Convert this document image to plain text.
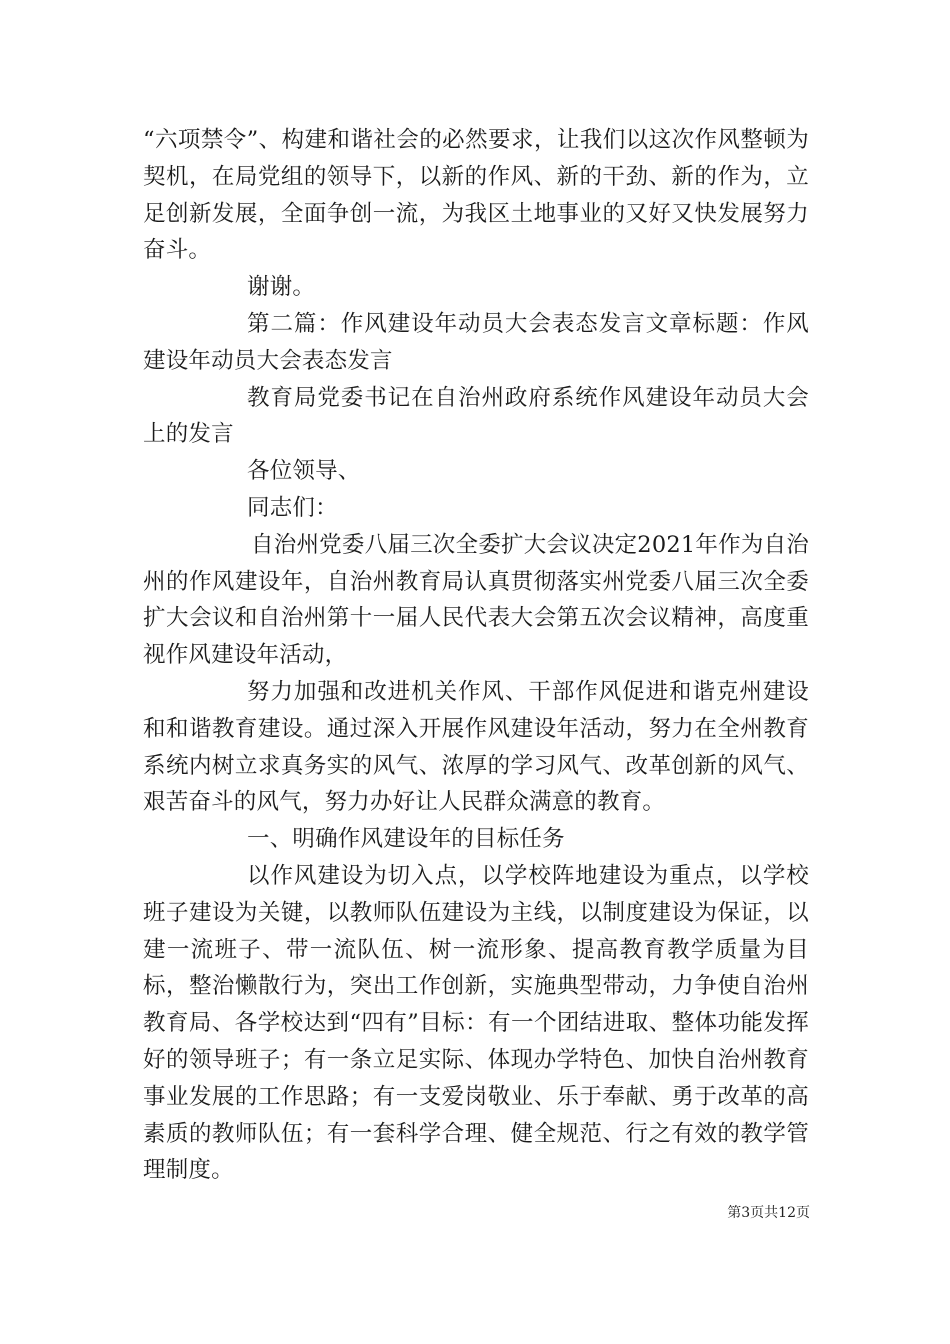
“六项禁令”、构建和谐社会的必然要求，让我们以这次作风整顿为契机，在局党组的领导下，以新的作风、新的干劲、新的作为，立足创新发展，全面争创一流，为我区土地事业的又好又快发展努力奋斗。

谢谢。

第二篇：作风建设年动员大会表态发言文章标题：作风建设年动员大会表态发言

教育局党委书记在自治州政府系统作风建设年动员大会上的发言

各位领导、

同志们：

自治州党委八届三次全委扩大会议决定2021年作为自治州的作风建设年，自治州教育局认真贯彻落实州党委八届三次全委扩大会议和自治州第十一届人民代表大会第五次会议精神，高度重视作风建设年活动，

努力加强和改进机关作风、干部作风促进和谐克州建设和和谐教育建设。通过深入开展作风建设年活动，努力在全州教育系统内树立求真务实的风气、浓厚的学习风气、改革创新的风气、艰苦奋斗的风气，努力办好让人民群众满意的教育。

一、明确作风建设年的目标任务

以作风建设为切入点，以学校阵地建设为重点，以学校班子建设为关键，以教师队伍建设为主线，以制度建设为保证，以建一流班子、带一流队伍、树一流形象、提高教育教学质量为目标，整治懒散行为，突出工作创新，实施典型带动，力争使自治州教育局、各学校达到“四有”目标：有一个团结进取、整体功能发挥好的领导班子；有一条立足实际、体现办学特色、加快自治州教育事业发展的工作思路；有一支爱岗敬业、乐于奉献、勇于改革的高素质的教师队伍；有一套科学合理、健全规范、行之有效的教学管理制度。

第3页共12页
